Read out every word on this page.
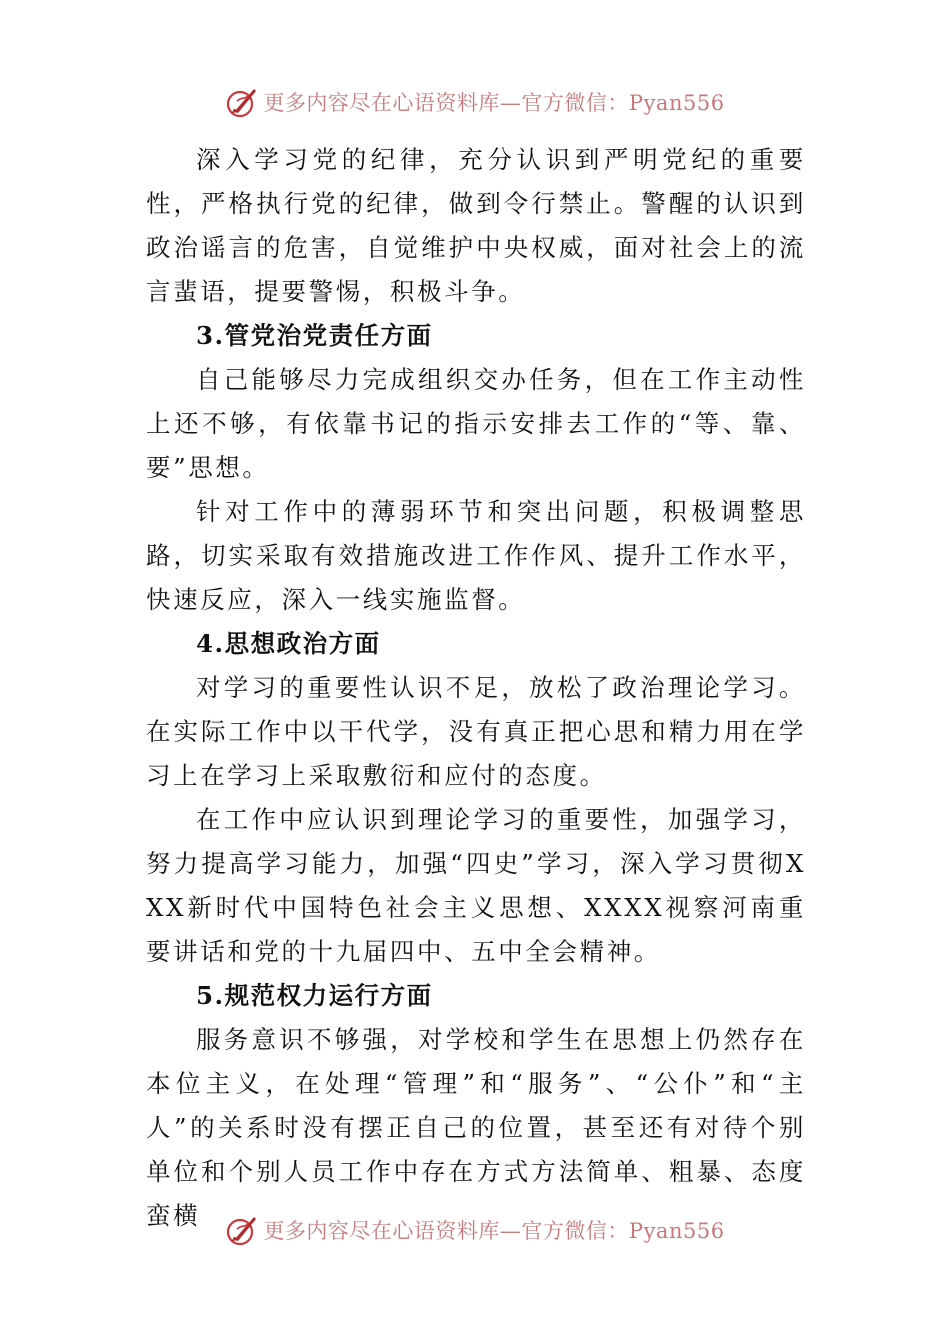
更多内容尽在心语资料库—官方微信：Pyan556

深入学习党的纪律，充分认识到严明党纪的重要性，严格执行党的纪律，做到令行禁止。警醒的认识到政治谣言的危害，自觉维护中央权威，面对社会上的流言蜚语，提要警惕，积极斗争。

3.管党治党责任方面

自己能够尽力完成组织交办任务，但在工作主动性上还不够，有依靠书记的指示安排去工作的“等、靠、要”思想。

针对工作中的薄弱环节和突出问题，积极调整思路，切实采取有效措施改进工作作风、提升工作水平，快速反应，深入一线实施监督。

4.思想政治方面

对学习的重要性认识不足，放松了政治理论学习。在实际工作中以干代学，没有真正把心思和精力用在学习上在学习上采取敷衍和应付的态度。

在工作中应认识到理论学习的重要性，加强学习，努力提高学习能力，加强“四史”学习，深入学习贯彻XXX新时代中国特色社会主义思想、XXXX视察河南重要讲话和党的十九届四中、五中全会精神。

5.规范权力运行方面

服务意识不够强，对学校和学生在思想上仍然存在本位主义，在处理“管理”和“服务”、“公仆”和“主人”的关系时没有摆正自己的位置，甚至还有对待个别单位和个别人员工作中存在方式方法简单、粗暴、态度蛮横

更多内容尽在心语资料库—官方微信：Pyan556
